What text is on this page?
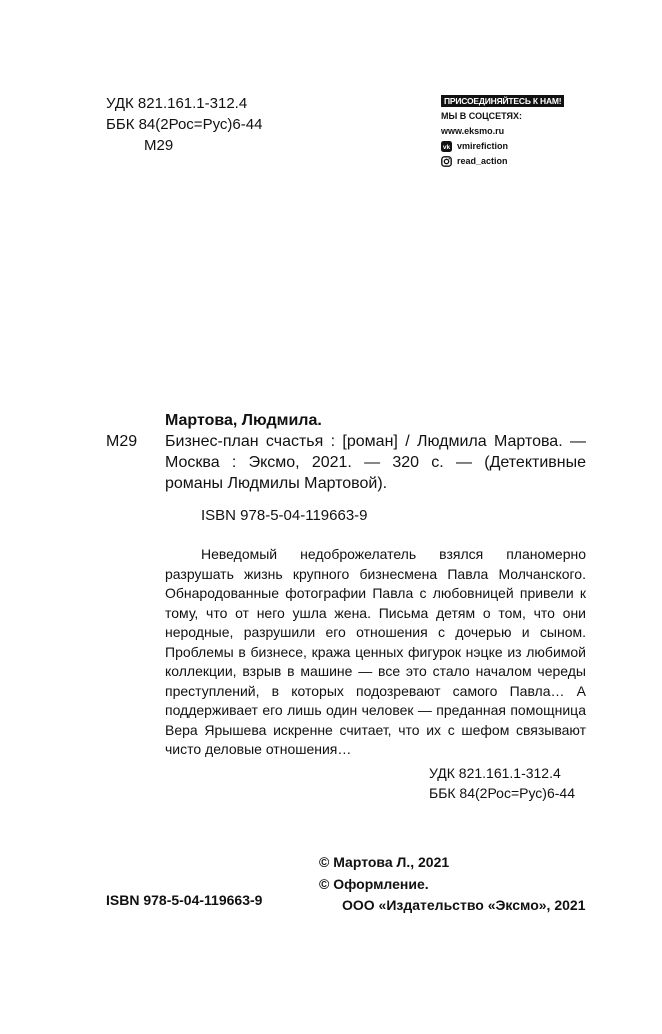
УДК 821.161.1-312.4
ББК 84(2Рос=Рус)6-44
М29
ПРИСОЕДИНЯЙТЕСЬ К НАМ!
МЫ В СОЦСЕТЯХ:
www.eksmo.ru
vk vmirefiction
read_action
Мартова, Людмила.
М29 Бизнес-план счастья : [роман] / Людмила Мартова. — Москва : Эксмо, 2021. — 320 с. — (Детективные романы Людмилы Мартовой).
ISBN 978-5-04-119663-9

Неведомый недоброжелатель взялся планомерно разрушать жизнь крупного бизнесмена Павла Молчанского. Обнародованные фотографии Павла с любовницей привели к тому, что от него ушла жена. Письма детям о том, что они неродные, разрушили его отношения с дочерью и сыном. Проблемы в бизнесе, кража ценных фигурок нэцке из любимой коллекции, взрыв в машине — все это стало началом череды преступлений, в которых подозревают самого Павла… А поддерживает его лишь один человек — преданная помощница Вера Ярышева искренне считает, что их с шефом связывают чисто деловые отношения…

УДК 821.161.1-312.4
ББК 84(2Рос=Рус)6-44
© Мартова Л., 2021
© Оформление.
ООО «Издательство «Эксмо», 2021
ISBN 978-5-04-119663-9
